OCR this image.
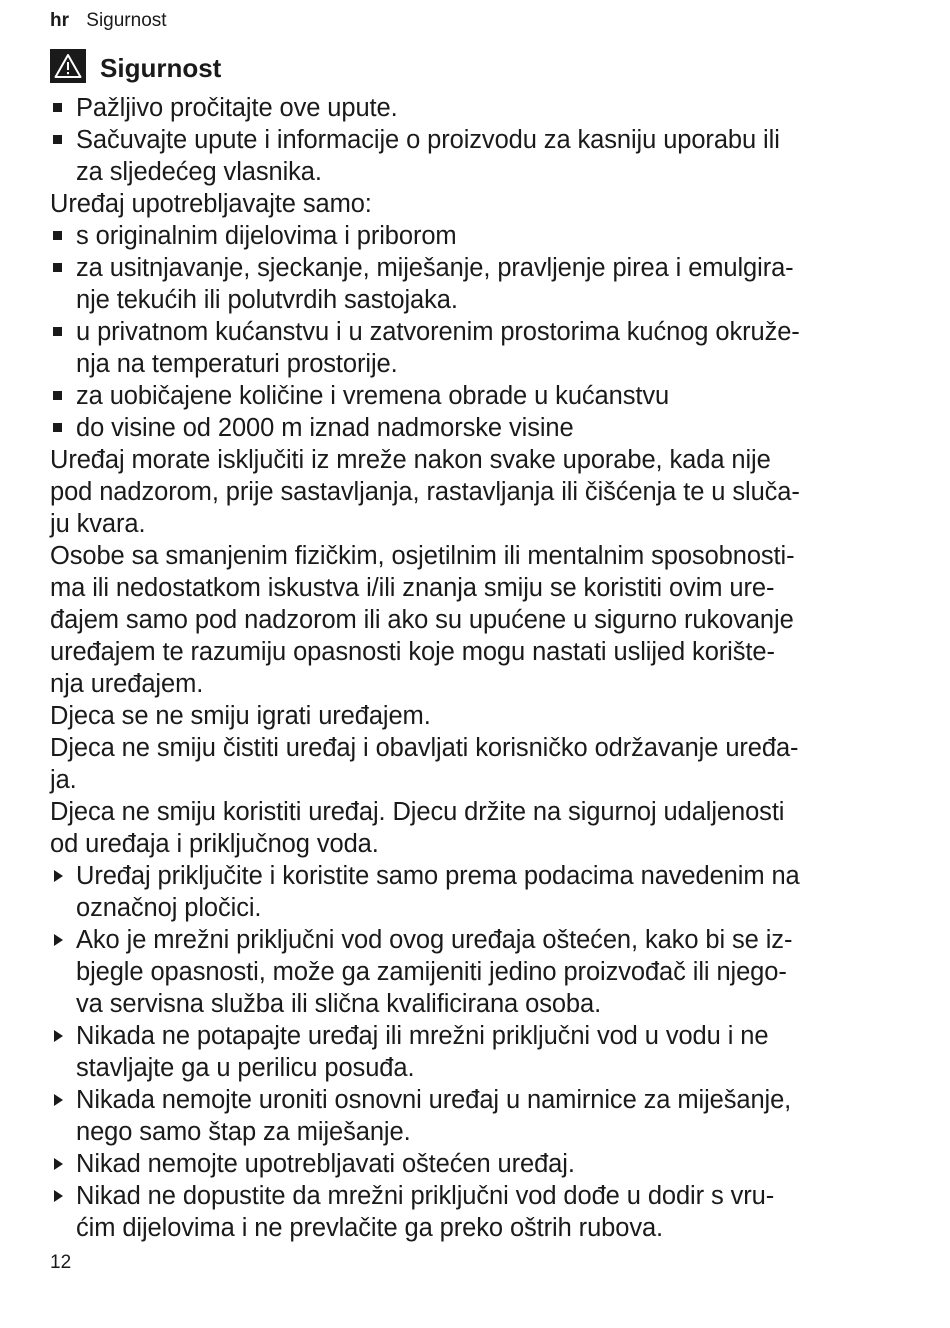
hr Sigurnost
Sigurnost
Pažljivo pročitajte ove upute.
Sačuvajte upute i informacije o proizvodu za kasniju uporabu ili
za sljedećeg vlasnika.
Uređaj upotrebljavajte samo:
s originalnim dijelovima i priborom
za usitnjavanje, sjeckanje, miješanje, pravljenje pirea i emulgira-
nje tekućih ili polutvrdih sastojaka.
u privatnom kućanstvu i u zatvorenim prostorima kućnog okruže-
nja na temperaturi prostorije.
za uobičajene količine i vremena obrade u kućanstvu
do visine od 2000 m iznad nadmorske visine
Uređaj morate isključiti iz mreže nakon svake uporabe, kada nije
pod nadzorom, prije sastavljanja, rastavljanja ili čišćenja te u slučа-
ju kvara.
Osobe sa smanjenim fizičkim, osjetilnim ili mentalnim sposobnosti-
ma ili nedostatkom iskustva i/ili znanja smiju se koristiti ovim ure-
đajem samo pod nadzorom ili ako su upućene u sigurno rukovanje
uređajem te razumiju opasnosti koje mogu nastati uslijed korište-
nja uređajem.
Djeca se ne smiju igrati uređajem.
Djeca ne smiju čistiti uređaj i obavljati korisničko održavanje uređa-
ja.
Djeca ne smiju koristiti uređaj. Djecu držite na sigurnoj udaljenosti
od uređaja i priključnog voda.
Uređaj priključite i koristite samo prema podacima navedenim na
označnoj pločici.
Ako je mrežni priključni vod ovog uređaja oštećen, kako bi se iz-
bjegle opasnosti, može ga zamijeniti jedino proizvođač ili njego-
va servisna služba ili slična kvalificirana osoba.
Nikada ne potapajte uređaj ili mrežni priključni vod u vodu i ne
stavljajte ga u perilicu posuđa.
Nikada nemojte uroniti osnovni uređaj u namirnice za miješanje,
nego samo štap za miješanje.
Nikad nemojte upotrebljavati oštećen uređaj.
Nikad ne dopustite da mrežni priključni vod dođe u dodir s vru-
ćim dijelovima i ne prevlačite ga preko oštrih rubova.
12
